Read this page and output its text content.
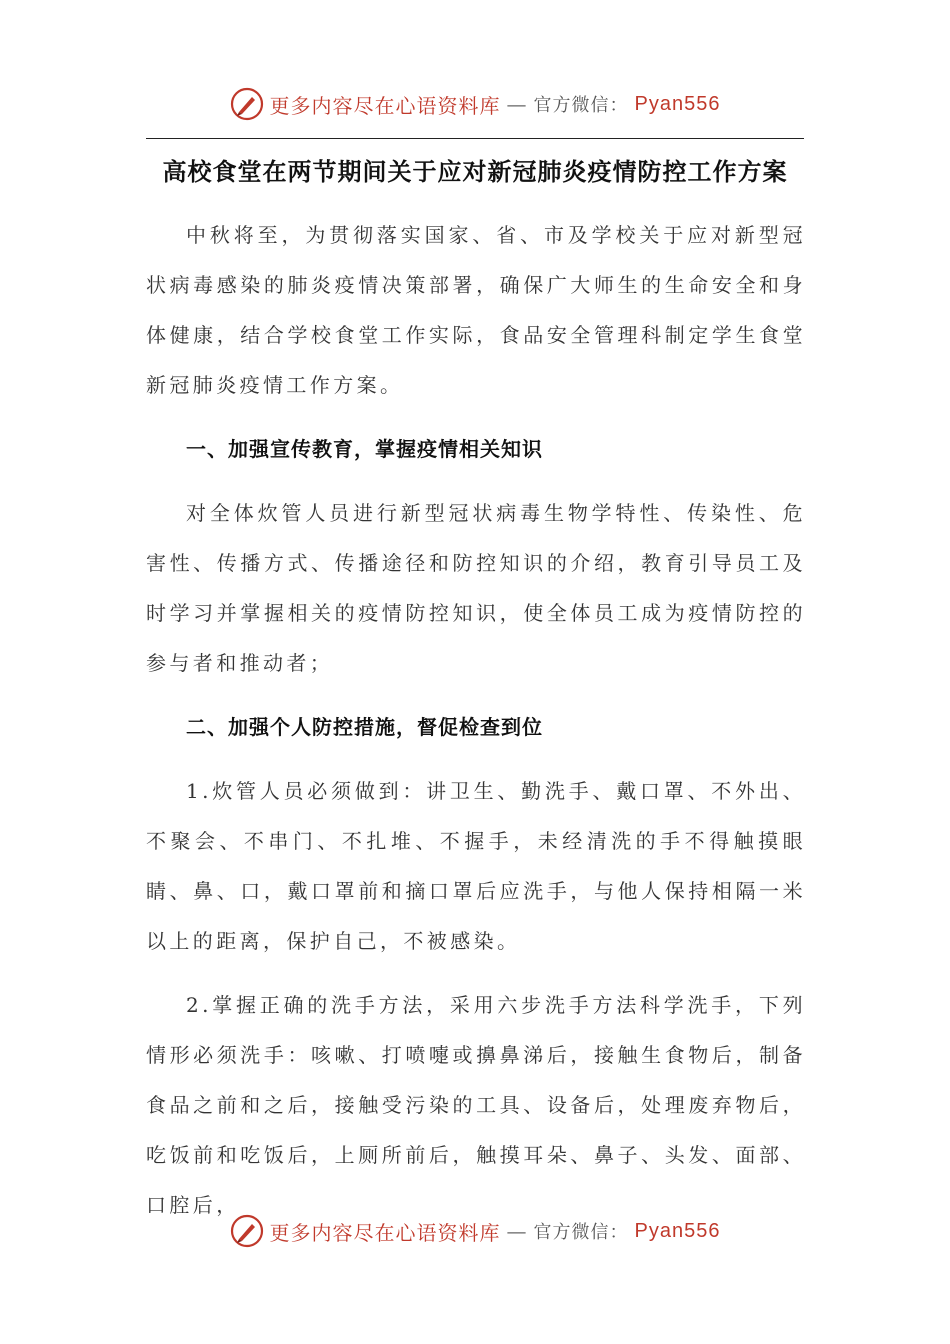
更多内容尽在心语资料库 — 官方微信： Pyan556
高校食堂在两节期间关于应对新冠肺炎疫情防控工作方案

中秋将至，为贯彻落实国家、省、市及学校关于应对新型冠状病毒感染的肺炎疫情决策部署，确保广大师生的生命安全和身体健康，结合学校食堂工作实际，食品安全管理科制定学生食堂新冠肺炎疫情工作方案。

一、加强宣传教育，掌握疫情相关知识

对全体炊管人员进行新型冠状病毒生物学特性、传染性、危害性、传播方式、传播途径和防控知识的介绍，教育引导员工及时学习并掌握相关的疫情防控知识，使全体员工成为疫情防控的参与者和推动者；

二、加强个人防控措施，督促检查到位

1.炊管人员必须做到：讲卫生、勤洗手、戴口罩、不外出、不聚会、不串门、不扎堆、不握手，未经清洗的手不得触摸眼睛、鼻、口，戴口罩前和摘口罩后应洗手，与他人保持相隔一米以上的距离，保护自己，不被感染。

2.掌握正确的洗手方法，采用六步洗手方法科学洗手，下列情形必须洗手：咳嗽、打喷嚏或擤鼻涕后，接触生食物后，制备食品之前和之后，接触受污染的工具、设备后，处理废弃物后，吃饭前和吃饭后，上厕所前后，触摸耳朵、鼻子、头发、面部、口腔后，

更多内容尽在心语资料库 — 官方微信： Pyan556
